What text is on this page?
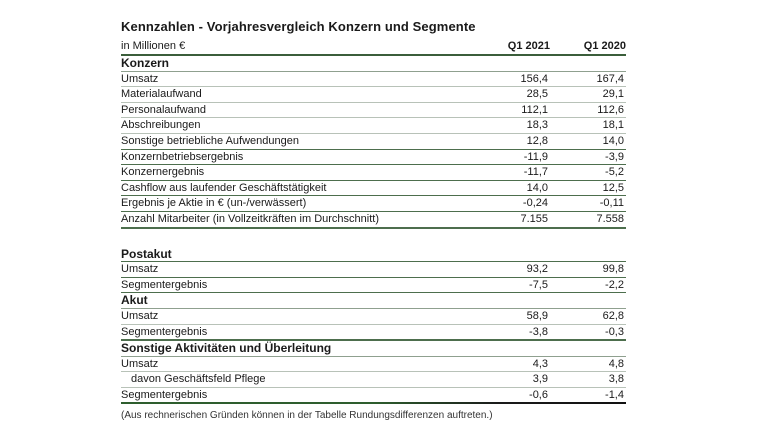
Kennzahlen - Vorjahresvergleich Konzern und Segmente
in Millionen €	Q1 2021	Q1 2020
Konzern
Umsatz	156,4	167,4
Materialaufwand	28,5	29,1
Personalaufwand	112,1	112,6
Abschreibungen	18,3	18,1
Sonstige betriebliche Aufwendungen	12,8	14,0
Konzernbetriebsergebnis	-11,9	-3,9
Konzernergebnis	-11,7	-5,2
Cashflow aus laufender Geschäftstätigkeit	14,0	12,5
Ergebnis je Aktie in € (un-/verwässert)	-0,24	-0,11
Anzahl Mitarbeiter (in Vollzeitkräften im Durchschnitt)	7.155	7.558
Postakut
Umsatz	93,2	99,8
Segmentergebnis	-7,5	-2,2
Akut
Umsatz	58,9	62,8
Segmentergebnis	-3,8	-0,3
Sonstige Aktivitäten und Überleitung
Umsatz	4,3	4,8
davon Geschäftsfeld Pflege	3,9	3,8
Segmentergebnis	-0,6	-1,4
(Aus rechnerischen Gründen können in der Tabelle Rundungsdifferenzen auftreten.)
